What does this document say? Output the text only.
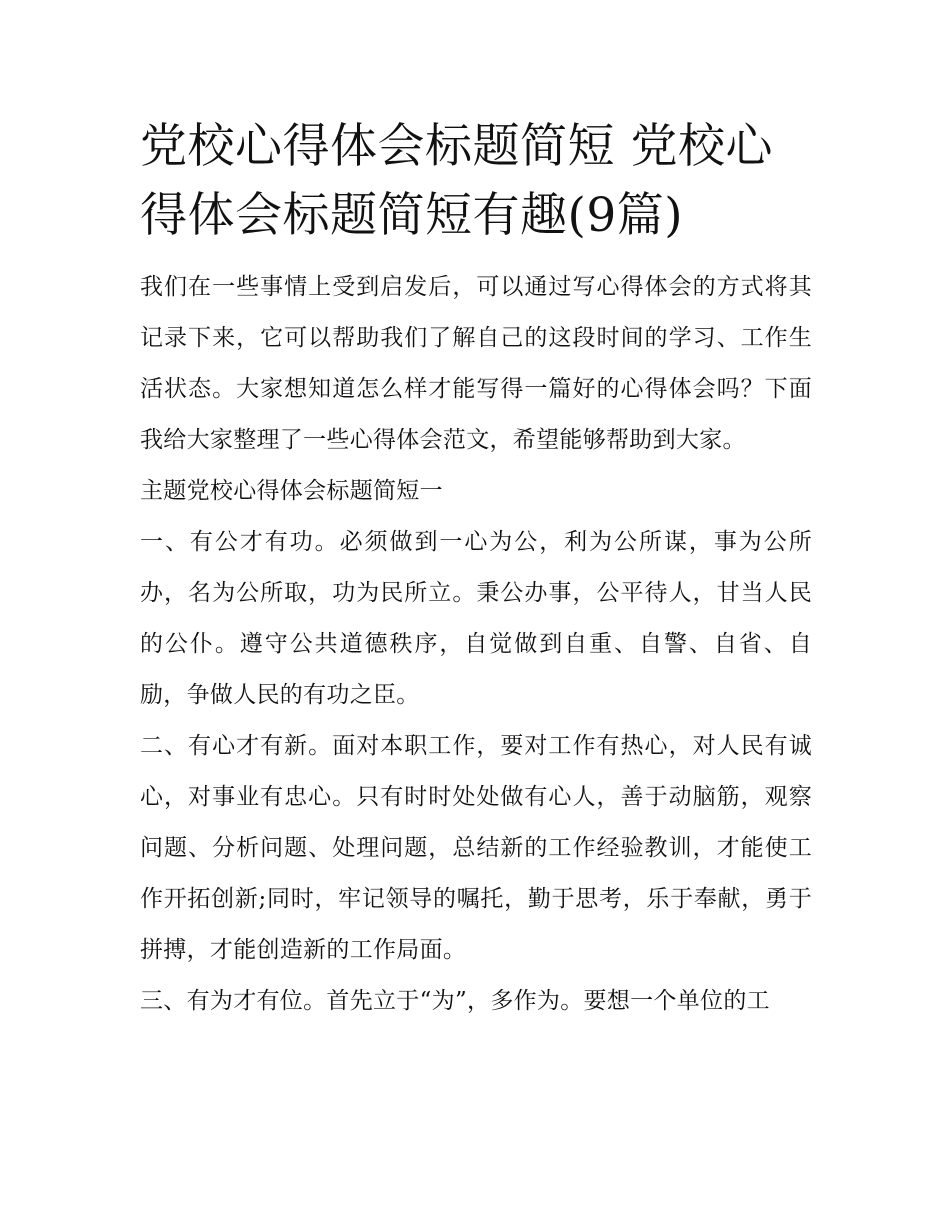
党校心得体会标题简短 党校心得体会标题简短有趣(9篇)

我们在一些事情上受到启发后，可以通过写心得体会的方式将其记录下来，它可以帮助我们了解自己的这段时间的学习、工作生活状态。大家想知道怎么样才能写得一篇好的心得体会吗？下面我给大家整理了一些心得体会范文，希望能够帮助到大家。

主题党校心得体会标题简短一

一、有公才有功。必须做到一心为公，利为公所谋，事为公所办，名为公所取，功为民所立。秉公办事，公平待人，甘当人民的公仆。遵守公共道德秩序，自觉做到自重、自警、自省、自励，争做人民的有功之臣。

二、有心才有新。面对本职工作，要对工作有热心，对人民有诚心，对事业有忠心。只有时时处处做有心人，善于动脑筋，观察问题、分析问题、处理问题，总结新的工作经验教训，才能使工作开拓创新;同时，牢记领导的嘱托，勤于思考，乐于奉献，勇于拼搏，才能创造新的工作局面。

三、有为才有位。首先立于“为”，多作为。要想一个单位的工
